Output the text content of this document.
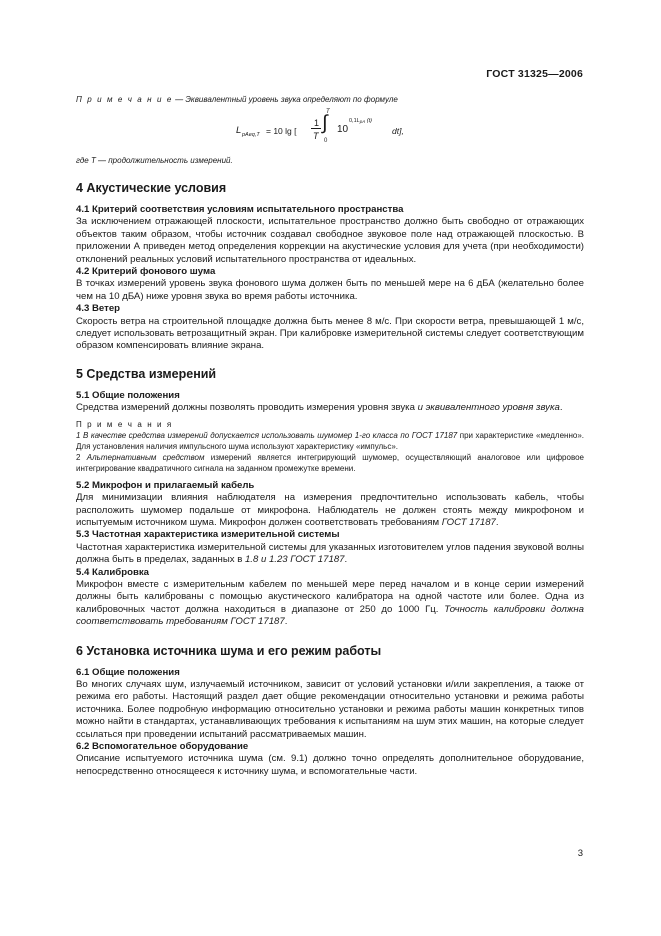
ГОСТ 31325—2006

П р и м е ч а н и е — Эквивалентный уровень звука определяют по формуле

L pAeq,T = 10 lg [
1
T
T
∫
0
10
0,1LpA (t)
dt],

где T — продолжительность измерений.

4 Акустические условия
4.1 Критерий соответствия условиям испытательного пространства

За исключением отражающей плоскости, испытательное пространство должно быть свободно от отражающих объектов таким образом, чтобы источник создавал свободное звуковое поле над отражающей плоскостью. В приложении А приведен метод определения коррекции на акустические условия для учета (при необходимости) отклонений реальных условий испытательного пространства от идеальных.

4.2 Критерий фонового шума

В точках измерений уровень звука фонового шума должен быть по меньшей мере на 6 дБА (желательно более чем на 10 дБА) ниже уровня звука во время работы источника.

4.3 Ветер

Скорость ветра на строительной площадке должна быть менее 8 м/с. При скорости ветра, превышающей 1 м/с, следует использовать ветрозащитный экран. При калибровке измерительной системы следует соответствующим образом компенсировать влияние экрана.

5 Средства измерений
5.1 Общие положения

Средства измерений должны позволять проводить измерения уровня звука и эквивалентного уровня звука.

П р и м е ч а н и я

1 В качестве средства измерений допускается использовать шумомер 1-го класса по ГОСТ 17187 при характеристике «медленно». Для установления наличия импульсного шума используют характеристику «импульс».

2 Альтернативным средством измерений является интегрирующий шумомер, осуществляющий аналоговое или цифровое интегрирование квадратичного сигнала на заданном промежутке времени.

5.2 Микрофон и прилагаемый кабель

Для минимизации влияния наблюдателя на измерения предпочтительно использовать кабель, чтобы расположить шумомер подальше от микрофона. Наблюдатель не должен стоять между микрофоном и испытуемым источником шума. Микрофон должен соответствовать требованиям ГОСТ 17187.

5.3 Частотная характеристика измерительной системы

Частотная характеристика измерительной системы для указанных изготовителем углов падения звуковой волны должна быть в пределах, заданных в 1.8 и 1.23 ГОСТ 17187.

5.4 Калибровка

Микрофон вместе с измерительным кабелем по меньшей мере перед началом и в конце серии измерений должны быть калиброваны с помощью акустического калибратора на одной частоте или более. Одна из калибровочных частот должна находиться в диапазоне от 250 до 1000 Гц. Точность калибровки должна соответствовать требованиям ГОСТ 17187.

6 Установка источника шума и его режим работы
6.1 Общие положения

Во многих случаях шум, излучаемый источником, зависит от условий установки и/или закрепления, а также от режима его работы. Настоящий раздел дает общие рекомендации относительно установки и режима работы источника. Более подробную информацию относительно установки и режима работы машин конкретных типов можно найти в стандартах, устанавливающих требования к испытаниям на шум этих машин, на которые следует ссылаться при проведении испытаний рассматриваемых машин.

6.2 Вспомогательное оборудование

Описание испытуемого источника шума (см. 9.1) должно точно определять дополнительное оборудование, непосредственно относящееся к источнику шума, и вспомогательные части.

3
